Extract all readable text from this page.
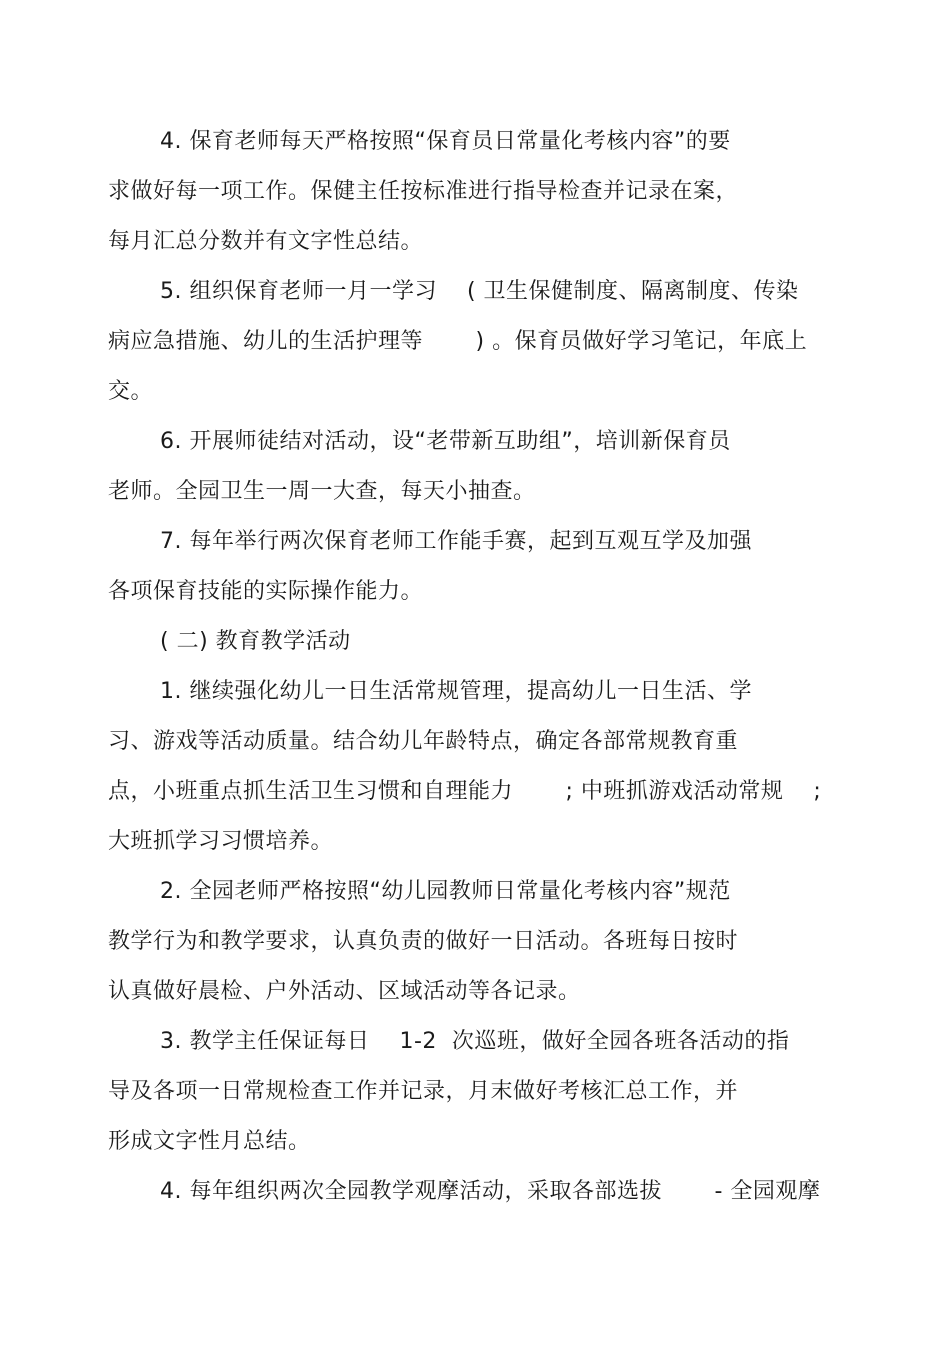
4. 保育老师每天严格按照“保育员日常量化考核内容”的要
求做好每一项工作。保健主任按标准进行指导检查并记录在案，
每月汇总分数并有文字性总结。
5. 组织保育老师一月一学习　 ( 卫生保健制度、隔离制度、传染
病应急措施、幼儿的生活护理等　　 ) 。保育员做好学习笔记，年底上
交。
6. 开展师徒结对活动，设“老带新互助组”，培训新保育员
老师。全园卫生一周一大查，每天小抽查。
7. 每年举行两次保育老师工作能手赛，起到互观互学及加强
各项保育技能的实际操作能力。
( 二) 教育教学活动
1. 继续强化幼儿一日生活常规管理，提高幼儿一日生活、学
习、游戏等活动质量。结合幼儿年龄特点，确定各部常规教育重
点，小班重点抓生活卫生习惯和自理能力　　 ; 中班抓游戏活动常规　 ;
大班抓学习习惯培养。
2. 全园老师严格按照“幼儿园教师日常量化考核内容”规范
教学行为和教学要求，认真负责的做好一日活动。各班每日按时
认真做好晨检、户外活动、区域活动等各记录。
3. 教学主任保证每日　 1-2  次巡班，做好全园各班各活动的指
导及各项一日常规检查工作并记录，月末做好考核汇总工作，并
形成文字性月总结。
4. 每年组织两次全园教学观摩活动，采取各部选拔　　 - 全园观摩
